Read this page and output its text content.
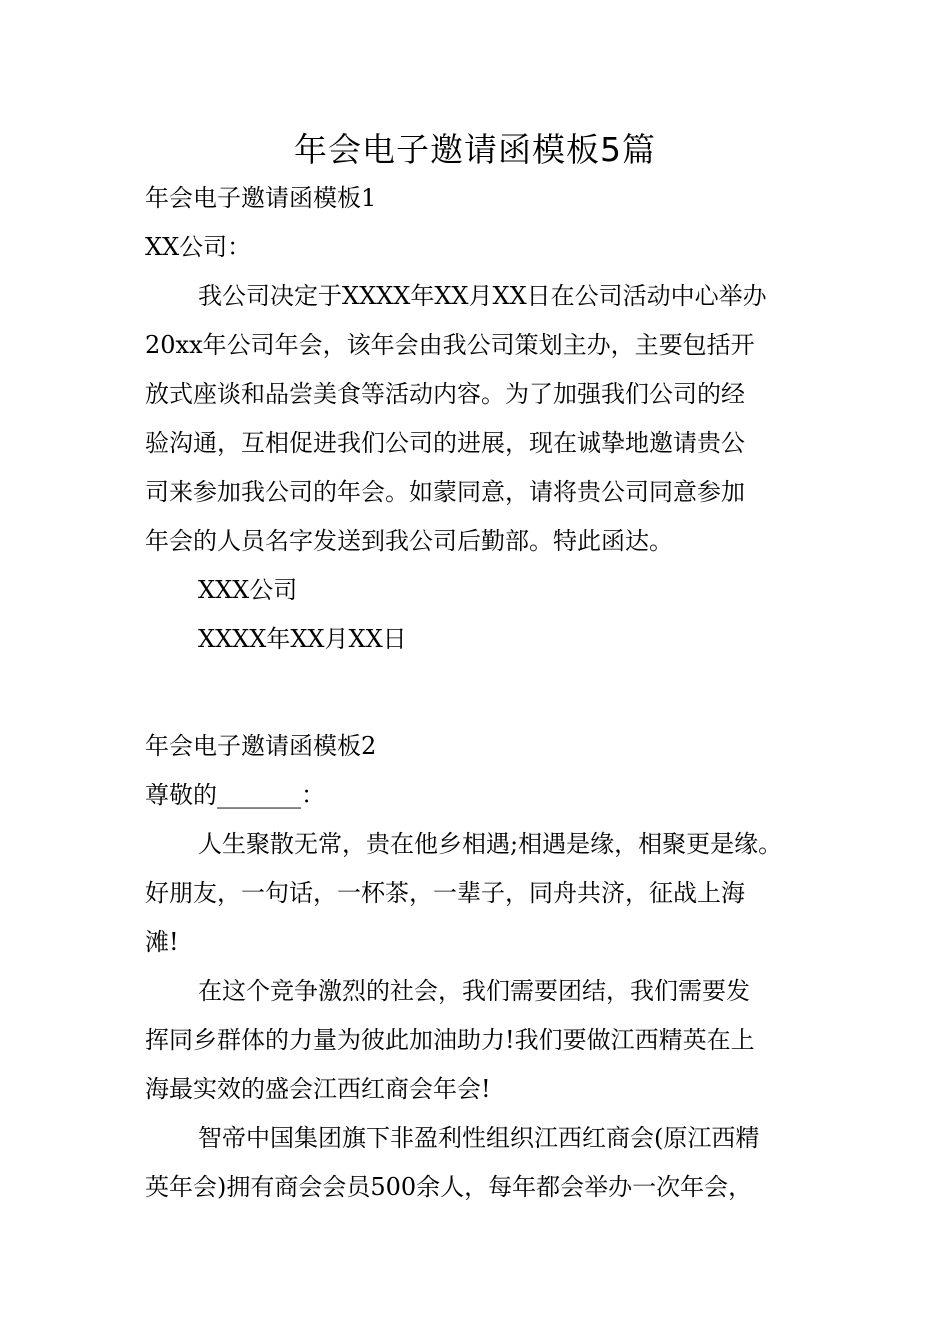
年会电子邀请函模板5篇
年会电子邀请函模板1
XX公司：
我公司决定于XXXX年XX月XX日在公司活动中心举办
20xx年公司年会，该年会由我公司策划主办，主要包括开
放式座谈和品尝美食等活动内容。为了加强我们公司的经
验沟通，互相促进我们公司的进展，现在诚挚地邀请贵公
司来参加我公司的年会。如蒙同意，请将贵公司同意参加
年会的人员名字发送到我公司后勤部。特此函达。
XXX公司
XXXX年XX月XX日
年会电子邀请函模板2
尊敬的_______：
人生聚散无常，贵在他乡相遇;相遇是缘，相聚更是缘。
好朋友，一句话，一杯茶，一辈子，同舟共济，征战上海
滩!
在这个竞争激烈的社会，我们需要团结，我们需要发
挥同乡群体的力量为彼此加油助力!我们要做江西精英在上
海最实效的盛会江西红商会年会!
智帝中国集团旗下非盈利性组织江西红商会(原江西精
英年会)拥有商会会员500余人，每年都会举办一次年会，
